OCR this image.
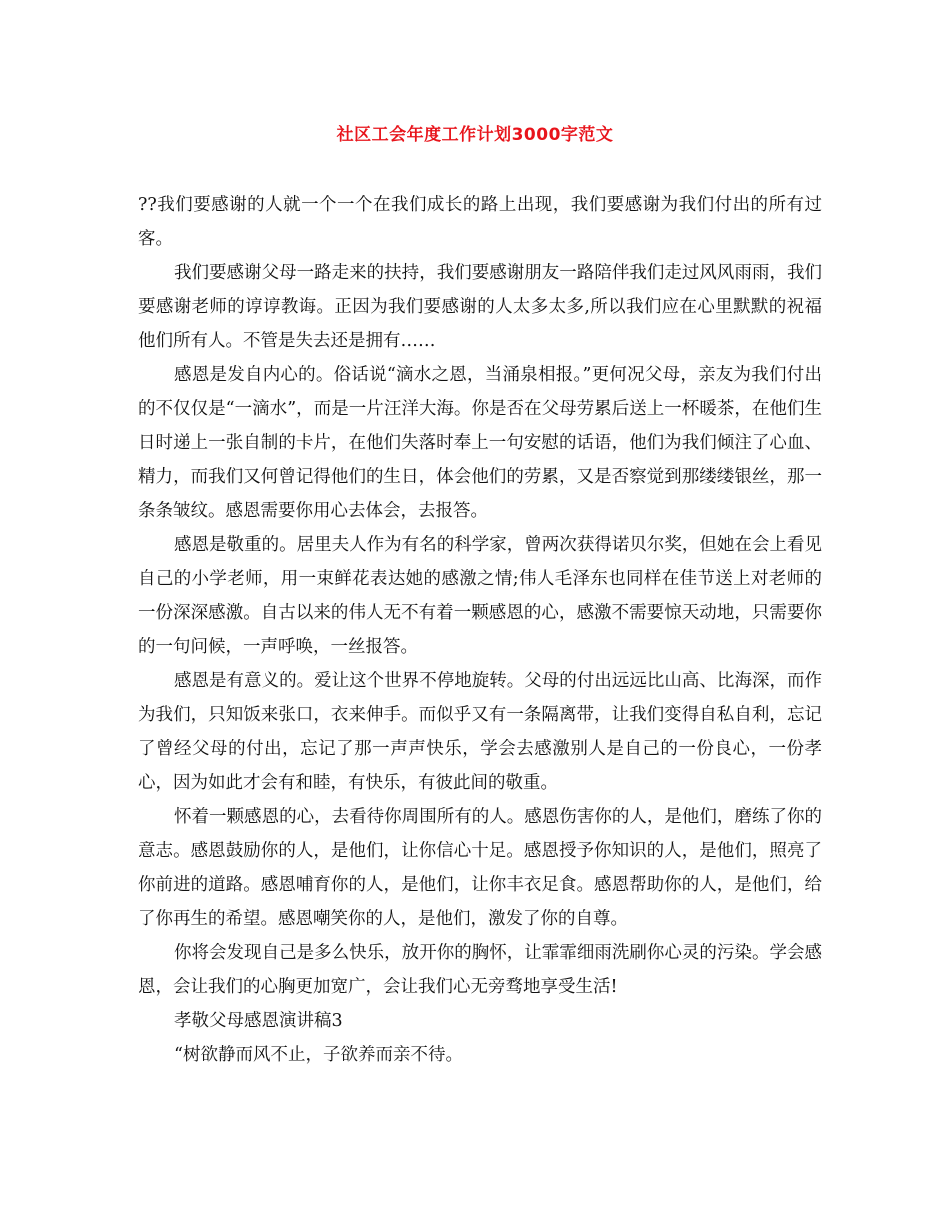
社区工会年度工作计划3000字范文

??我们要感谢的人就一个一个在我们成长的路上出现，我们要感谢为我们付出的所有过客。

我们要感谢父母一路走来的扶持，我们要感谢朋友一路陪伴我们走过风风雨雨，我们要感谢老师的谆谆教诲。正因为我们要感谢的人太多太多,所以我们应在心里默默的祝福他们所有人。不管是失去还是拥有……

感恩是发自内心的。俗话说“滴水之恩，当涌泉相报。”更何况父母，亲友为我们付出的不仅仅是“一滴水”，而是一片汪洋大海。你是否在父母劳累后送上一杯暖茶，在他们生日时递上一张自制的卡片，在他们失落时奉上一句安慰的话语，他们为我们倾注了心血、精力，而我们又何曾记得他们的生日，体会他们的劳累，又是否察觉到那缕缕银丝，那一条条皱纹。感恩需要你用心去体会，去报答。

感恩是敬重的。居里夫人作为有名的科学家，曾两次获得诺贝尔奖，但她在会上看见自己的小学老师，用一束鲜花表达她的感激之情;伟人毛泽东也同样在佳节送上对老师的一份深深感激。自古以来的伟人无不有着一颗感恩的心，感激不需要惊天动地，只需要你的一句问候，一声呼唤，一丝报答。

感恩是有意义的。爱让这个世界不停地旋转。父母的付出远远比山高、比海深，而作为我们，只知饭来张口，衣来伸手。而似乎又有一条隔离带，让我们变得自私自利，忘记了曾经父母的付出，忘记了那一声声快乐，学会去感激别人是自己的一份良心，一份孝心，因为如此才会有和睦，有快乐，有彼此间的敬重。

怀着一颗感恩的心，去看待你周围所有的人。感恩伤害你的人，是他们，磨练了你的意志。感恩鼓励你的人，是他们，让你信心十足。感恩授予你知识的人，是他们，照亮了你前进的道路。感恩哺育你的人，是他们，让你丰衣足食。感恩帮助你的人，是他们，给了你再生的希望。感恩嘲笑你的人，是他们，激发了你的自尊。

你将会发现自己是多么快乐，放开你的胸怀，让霏霏细雨洗刷你心灵的污染。学会感恩，会让我们的心胸更加宽广，会让我们心无旁骛地享受生活!

孝敬父母感恩演讲稿3

“树欲静而风不止，子欲养而亲不待。
